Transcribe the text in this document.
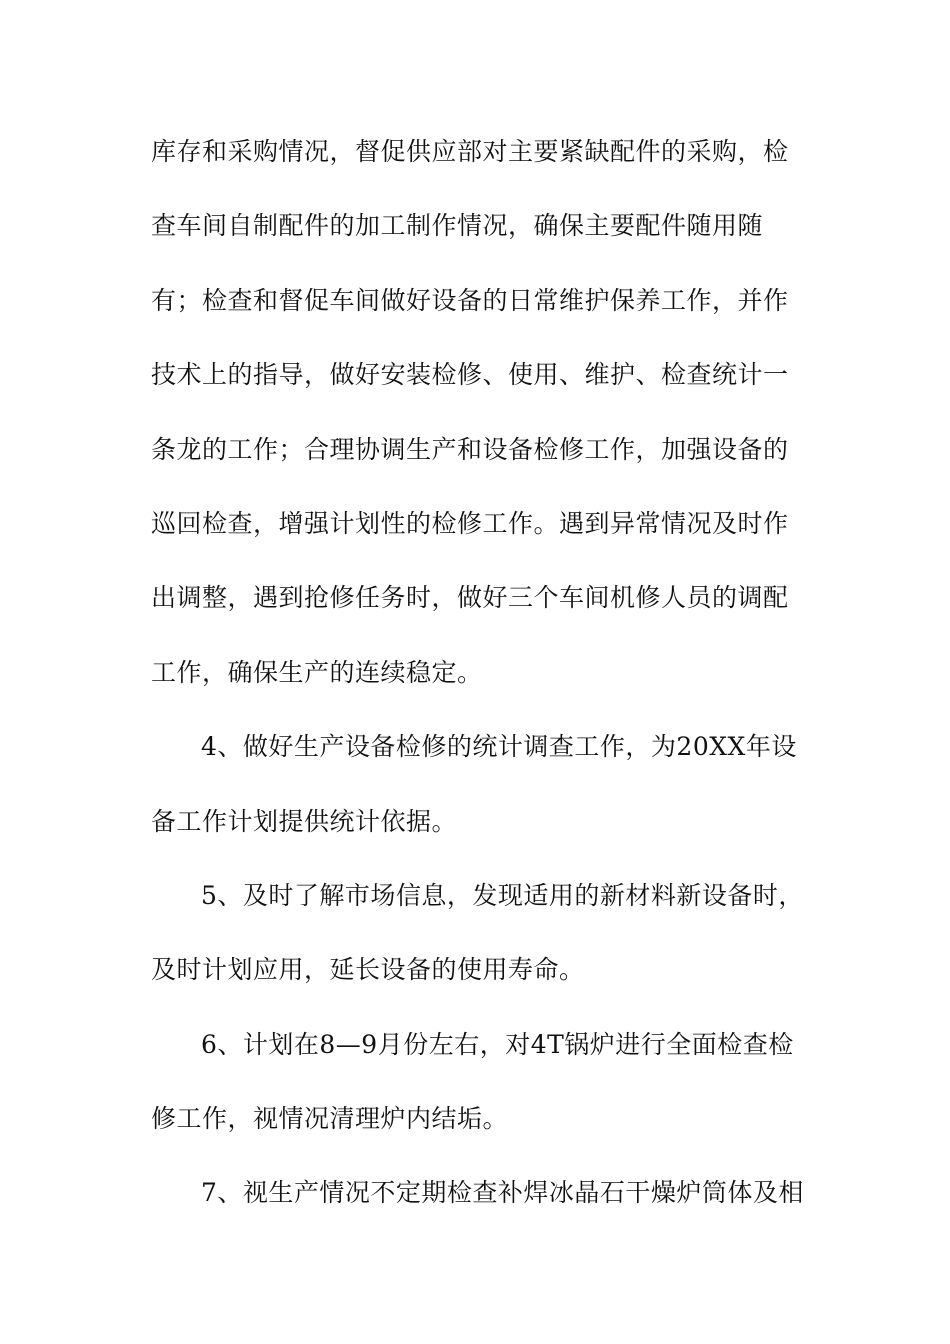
库存和采购情况，督促供应部对主要紧缺配件的采购，检
查车间自制配件的加工制作情况，确保主要配件随用随
有；检查和督促车间做好设备的日常维护保养工作，并作
技术上的指导，做好安装检修、使用、维护、检查统计一
条龙的工作；合理协调生产和设备检修工作，加强设备的
巡回检查，增强计划性的检修工作。遇到异常情况及时作
出调整，遇到抢修任务时，做好三个车间机修人员的调配
工作，确保生产的连续稳定。
4、做好生产设备检修的统计调查工作，为20XX年设
备工作计划提供统计依据。
5、及时了解市场信息，发现适用的新材料新设备时，
及时计划应用，延长设备的使用寿命。
6、计划在8—9月份左右，对4T锅炉进行全面检查检
修工作，视情况清理炉内结垢。
7、视生产情况不定期检查补焊冰晶石干燥炉筒体及相
